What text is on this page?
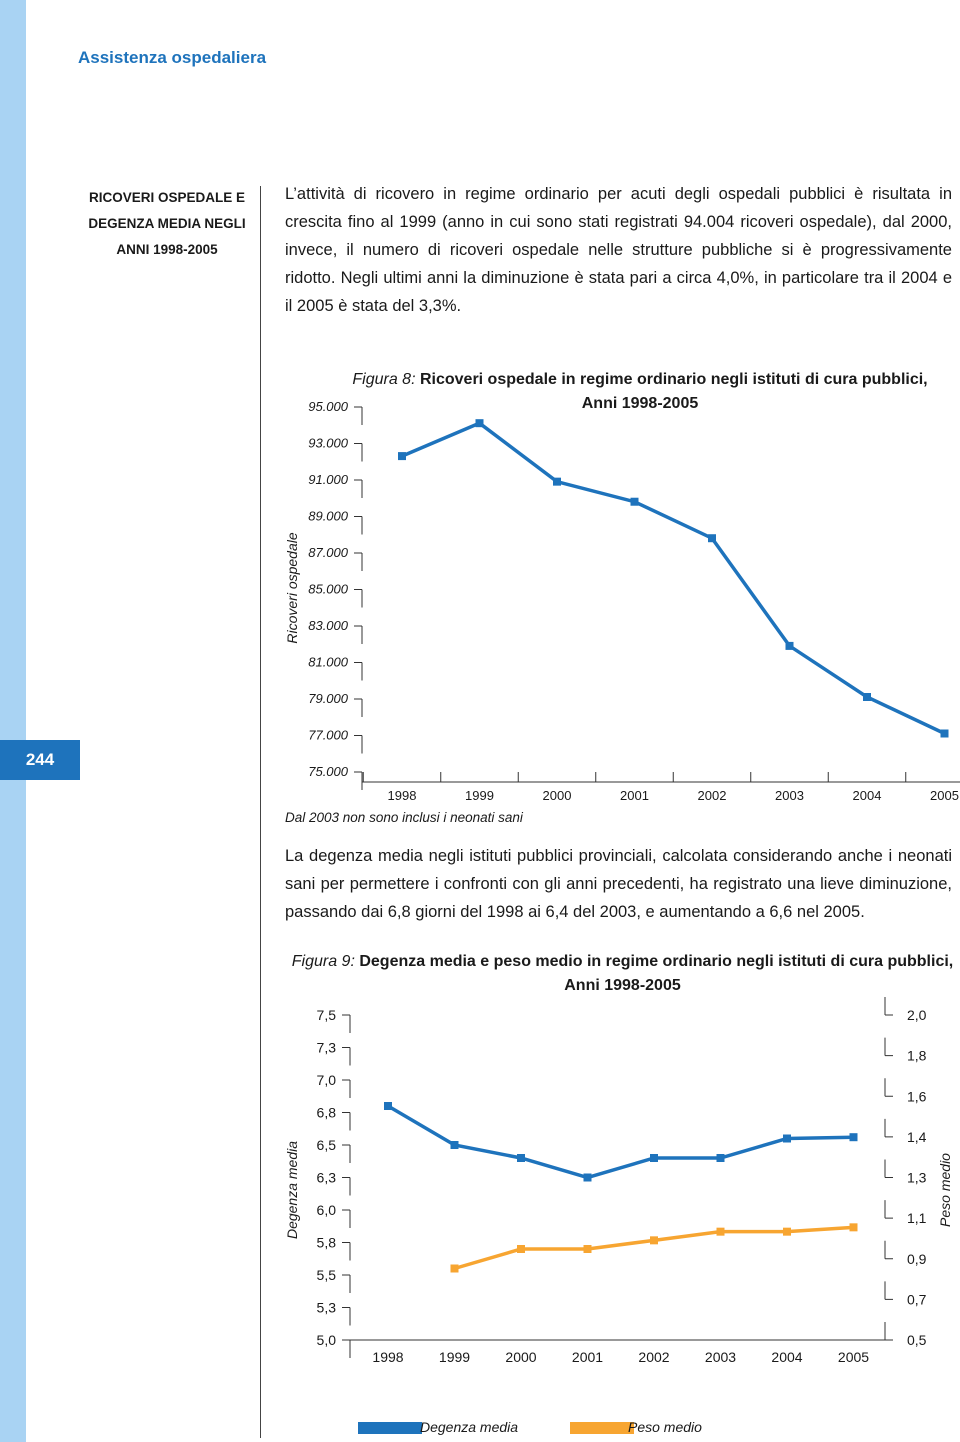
244
Assistenza ospedaliera
RICOVERI OSPEDALE E
DEGENZA MEDIA NEGLI
ANNI 1998-2005
L’attività di ricovero in regime ordinario per acuti degli ospedali pubblici è risultata in crescita fino al 1999 (anno in cui sono stati registrati 94.004 ricoveri ospedale), dal 2000, invece, il numero di ricoveri ospedale nelle strutture pubbliche si è progressivamente ridotto. Negli ultimi anni la diminuzione è stata pari a circa 4,0%, in particolare tra il 2004 e il 2005 è stata del 3,3%.
Figura 8: Ricoveri ospedale in regime ordinario negli istituti di cura pubblici,
Anni 1998-2005
95.000
93.000
91.000
89.000
87.000
85.000
83.000
81.000
79.000
77.000
75.000
Ricoveri ospedale
1998	1999	2000	2001	2002	2003	2004	2005
Dal 2003 non sono inclusi i neonati sani
La degenza media negli istituti pubblici provinciali, calcolata considerando anche i neonati sani per permettere i confronti con gli anni precedenti, ha registrato una lieve diminuzione, passando dai 6,8 giorni del 1998 ai 6,4 del 2003, e aumentando a 6,6 nel 2005.
Figura 9: Degenza media e peso medio in regime ordinario negli istituti di cura pubblici,
Anni 1998-2005
7,5
7,3
7,0
6,8
6,5
6,3
6,0
5,8
5,5
5,3
5,0
2,0
1,8
1,6
1,4
1,3
1,1
0,9
0,7
0,5
Degenza media	Peso medio
1998	1999	2000	2001	2002	2003	2004	2005
Degenza media	Peso medio
